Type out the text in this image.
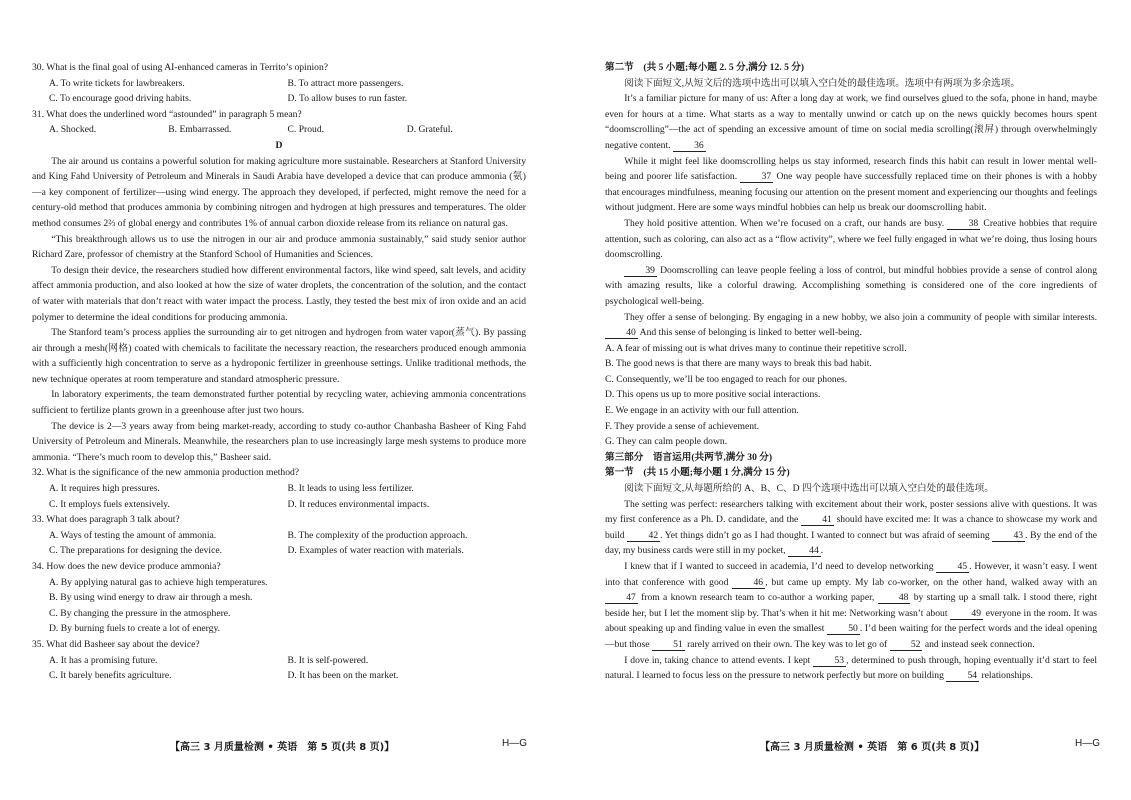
30. What is the final goal of using AI-enhanced cameras in Territo’s opinion?

A. To write tickets for lawbreakers.	B. To attract more passengers.
C. To encourage good driving habits.	D. To allow buses to run faster.

31. What does the underlined word “astounded” in paragraph 5 mean?

A. Shocked.	B. Embarrassed.	C. Proud.	D. Grateful.

D

The air around us contains a powerful solution for making agriculture more sustainable. Researchers at Stanford University and King Fahd University of Petroleum and Minerals in Saudi Arabia have developed a device that can produce ammonia (氨)—a key component of fertilizer—using wind energy. The approach they developed, if perfected, might remove the need for a century-old method that produces ammonia by combining nitrogen and hydrogen at high pressures and temperatures. The older method consumes 2⅔ of global energy and contributes 1% of annual carbon dioxide release from its reliance on natural gas.

“This breakthrough allows us to use the nitrogen in our air and produce ammonia sustainably,” said study senior author Richard Zare, professor of chemistry at the Stanford School of Humanities and Sciences.

To design their device, the researchers studied how different environmental factors, like wind speed, salt levels, and acidity affect ammonia production, and also looked at how the size of water droplets, the concentration of the solution, and the contact of water with materials that don’t react with water impact the process. Lastly, they tested the best mix of iron oxide and an acid polymer to determine the ideal conditions for producing ammonia.

The Stanford team’s process applies the surrounding air to get nitrogen and hydrogen from water vapor(蒸气). By passing air through a mesh(网格) coated with chemicals to facilitate the necessary reaction, the researchers produced enough ammonia with a sufficiently high concentration to serve as a hydroponic fertilizer in greenhouse settings. Unlike traditional methods, the new technique operates at room temperature and standard atmospheric pressure.

In laboratory experiments, the team demonstrated further potential by recycling water, achieving ammonia concentrations sufficient to fertilize plants grown in a greenhouse after just two hours.

The device is 2—3 years away from being market-ready, according to study co-author Chanbasha Basheer of King Fahd University of Petroleum and Minerals. Meanwhile, the researchers plan to use increasingly large mesh systems to produce more ammonia. “There’s much room to develop this,” Basheer said.

32. What is the significance of the new ammonia production method?

A. It requires high pressures.	B. It leads to using less fertilizer.
C. It employs fuels extensively.	D. It reduces environmental impacts.

33. What does paragraph 3 talk about?

A. Ways of testing the amount of ammonia.	B. The complexity of the production approach.
C. The preparations for designing the device.	D. Examples of water reaction with materials.

34. How does the new device produce ammonia?

A. By applying natural gas to achieve high temperatures.
B. By using wind energy to draw air through a mesh.
C. By changing the pressure in the atmosphere.
D. By burning fuels to create a lot of energy.

35. What did Basheer say about the device?

A. It has a promising future.	B. It is self-powered.
C. It barely benefits agriculture.	D. It has been on the market.

第二节　(共 5 小题;每小题 2. 5 分,满分 12. 5 分)

阅读下面短文,从短文后的选项中选出可以填入空白处的最佳选项。选项中有两项为多余选项。

It’s a familiar picture for many of us: After a long day at work, we find ourselves glued to the sofa, phone in hand, maybe even for hours at a time. What starts as a way to mentally unwind or catch up on the news quickly becomes hours spent “doomscrolling”—the act of spending an excessive amount of time on social media scrolling(滚屏) through overwhelmingly negative content. 36

While it might feel like doomscrolling helps us stay informed, research finds this habit can result in lower mental well-being and poorer life satisfaction. 37 One way people have successfully replaced time on their phones is with a hobby that encourages mindfulness, meaning focusing our attention on the present moment and experiencing our thoughts and feelings without judgment. Here are some ways mindful hobbies can help us break our doomscrolling habit.

They hold positive attention. When we’re focused on a craft, our hands are busy. 38 Creative hobbies that require attention, such as coloring, can also act as a “flow activity”, where we feel fully engaged in what we’re doing, thus losing hours doomscrolling.

39 Doomscrolling can leave people feeling a loss of control, but mindful hobbies provide a sense of control along with amazing results, like a colorful drawing. Accomplishing something is considered one of the core ingredients of psychological well-being.

They offer a sense of belonging. By engaging in a new hobby, we also join a community of people with similar interests. 40 And this sense of belonging is linked to better well-being.

A. A fear of missing out is what drives many to continue their repetitive scroll.

B. The good news is that there are many ways to break this bad habit.

C. Consequently, we’ll be too engaged to reach for our phones.

D. This opens us up to more positive social interactions.

E. We engage in an activity with our full attention.

F. They provide a sense of achievement.

G. They can calm people down.

第三部分　语言运用(共两节,满分 30 分)

第一节　(共 15 小题;每小题 1 分,满分 15 分)

阅读下面短文,从每题所给的 A、B、C、D 四个选项中选出可以填入空白处的最佳选项。

The setting was perfect: researchers talking with excitement about their work, poster sessions alive with questions. It was my first conference as a Ph. D. candidate, and the 41 should have excited me: It was a chance to showcase my work and build 42 . Yet things didn’t go as I had thought. I wanted to connect but was afraid of seeming 43 . By the end of the day, my business cards were still in my pocket, 44 .

I knew that if I wanted to succeed in academia, I’d need to develop networking 45 . However, it wasn’t easy. I went into that conference with good 46 , but came up empty. My lab co-worker, on the other hand, walked away with an 47 from a known research team to co-author a working paper, 48 by starting up a small talk. I stood there, right beside her, but I let the moment slip by. That’s when it hit me: Networking wasn’t about 49 everyone in the room. It was about speaking up and finding value in even the smallest 50 . I’d been waiting for the perfect words and the ideal opening—but those 51 rarely arrived on their own. The key was to let go of 52 and instead seek connection.

I dove in, taking chance to attend events. I kept 53 , determined to push through, hoping eventually it’d start to feel natural. I learned to focus less on the pressure to network perfectly but more on building 54 relationships.

【高三 3 月质量检测 • 英语　第 5 页(共 8 页)】	H—G	【高三 3 月质量检测 • 英语　第 6 页(共 8 页)】	H—G
